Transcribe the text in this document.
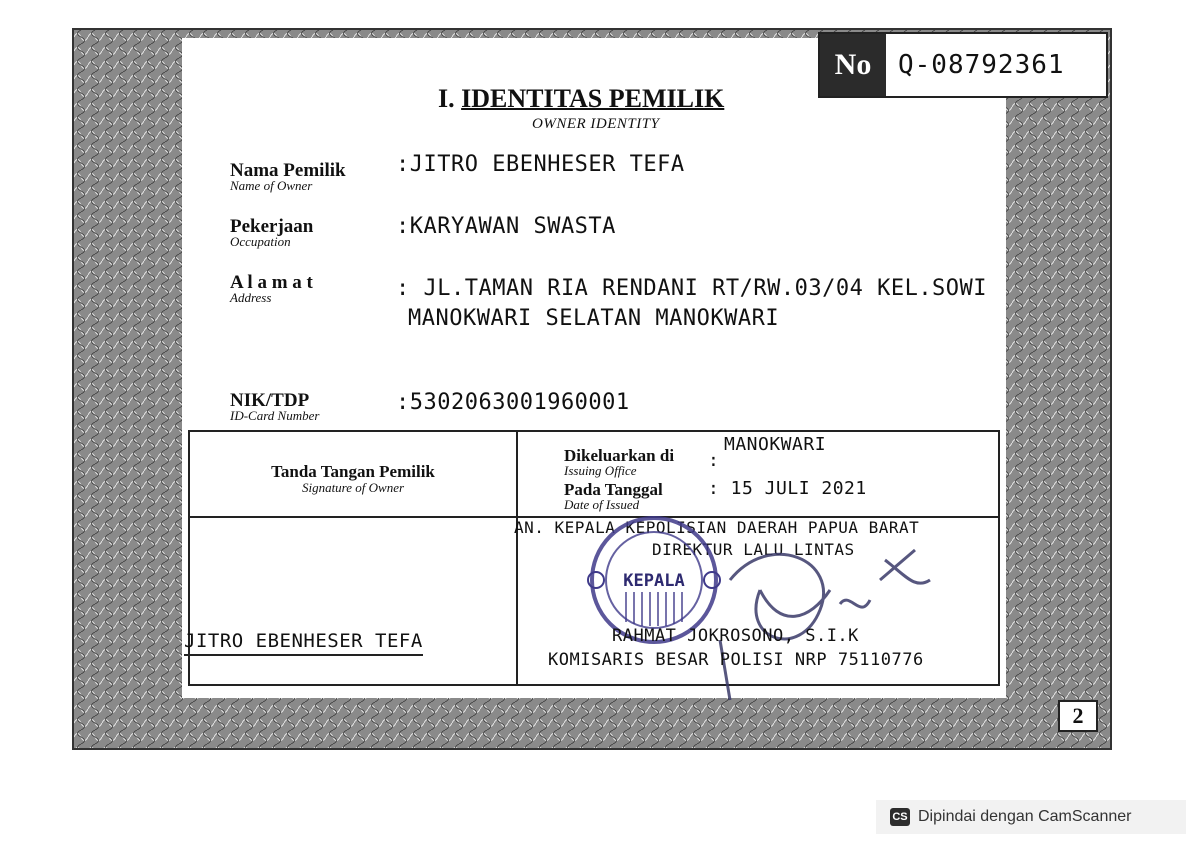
No	Q-08792361
I. IDENTITAS PEMILIK
OWNER IDENTITY
Nama Pemilik
Name of Owner
:JITRO EBENHESER TEFA
Pekerjaan
Occupation
:KARYAWAN SWASTA
A l a m a t
Address	: JL.TAMAN RIA RENDANI RT/RW.03/04 KEL.SOWI
MANOKWARI SELATAN MANOKWARI
NIK/TDP
ID-Card Number
:5302063001960001
Tanda Tangan Pemilik
Signature of Owner
Dikeluarkan di
Issuing Office	:
MANOKWARI
Pada Tanggal
Date of Issued
: 15 JULI 2021
JITRO EBENHESER TEFA
AN. KEPALA KEPOLISIAN DAERAH PAPUA BARAT
DIREKTUR LALU LINTAS
KEPALA
RAHMAT JOKROSONO, S.I.K
KOMISARIS BESAR POLISI NRP 75110776
2
CS Dipindai dengan CamScanner
